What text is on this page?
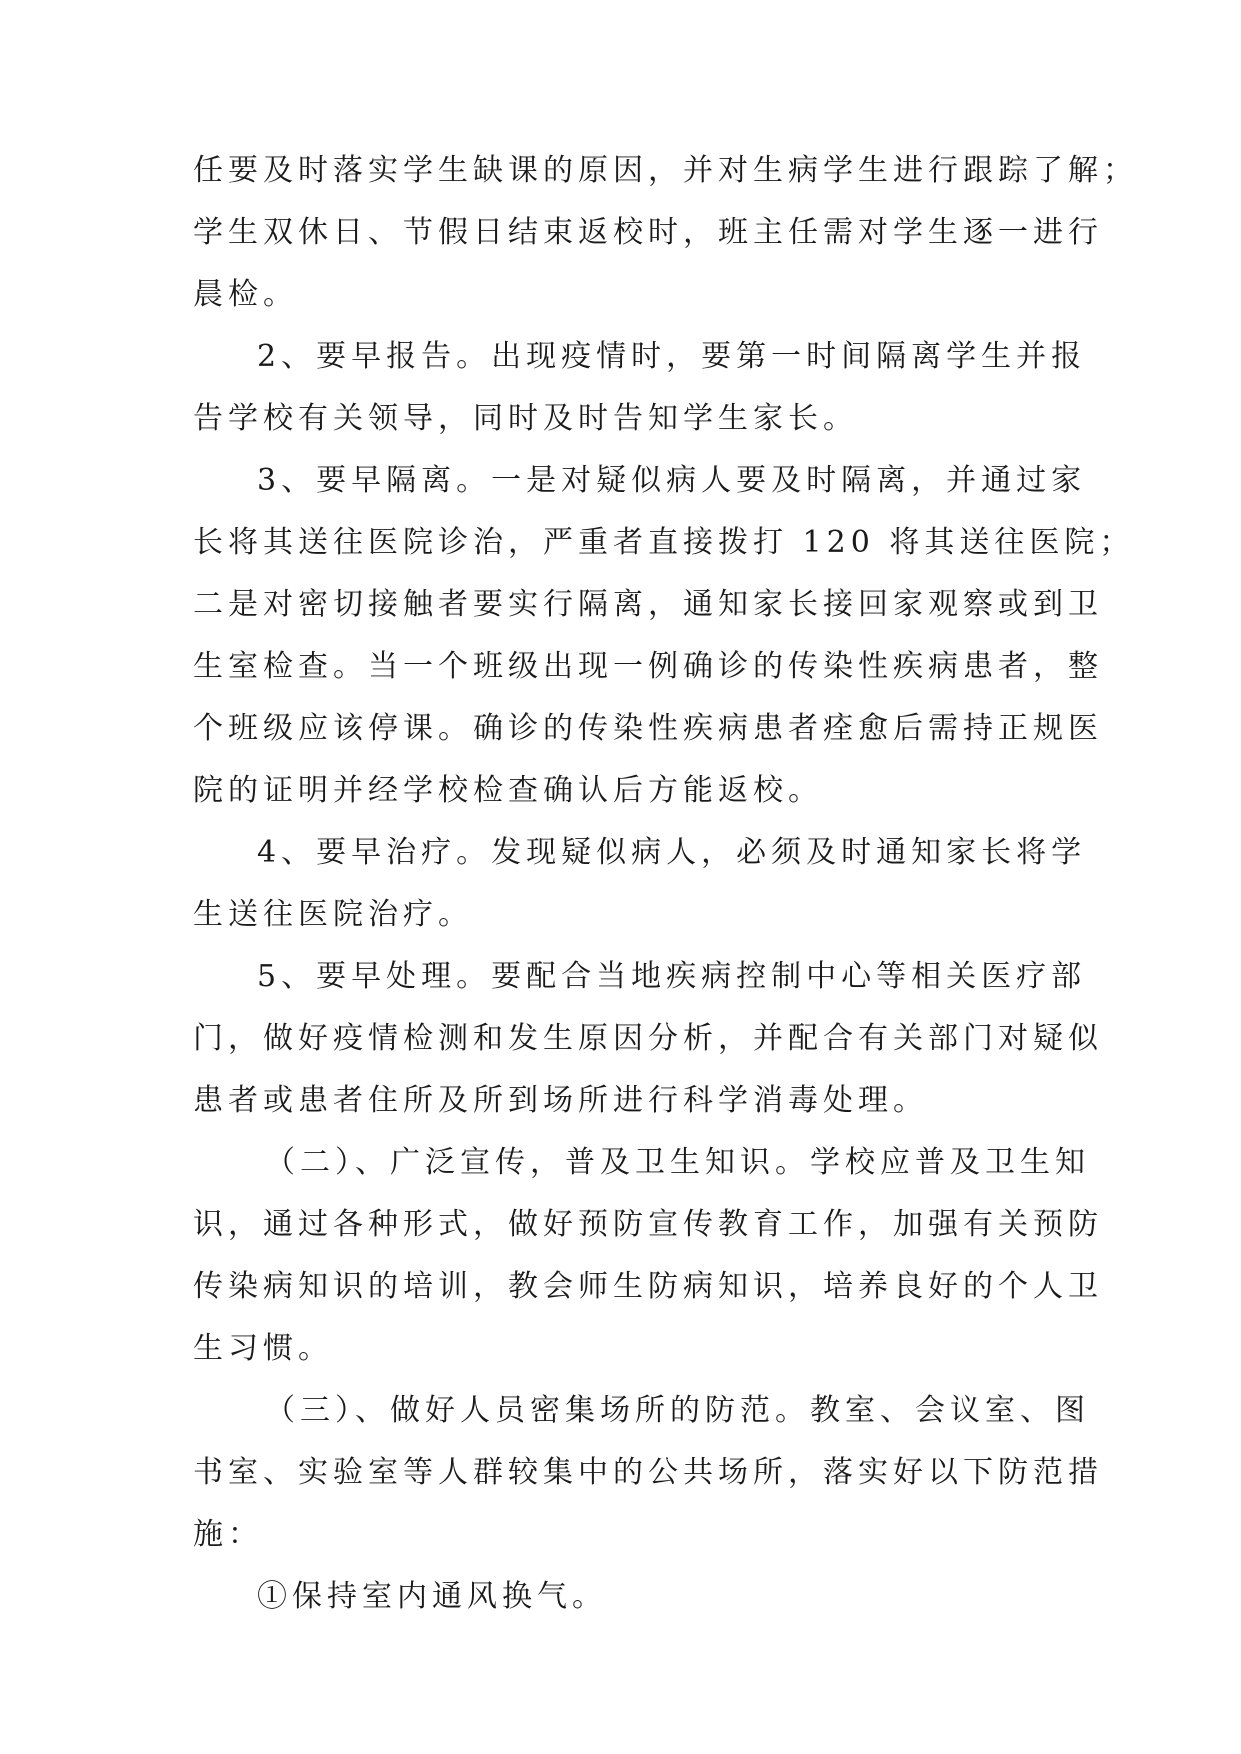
任要及时落实学生缺课的原因，并对生病学生进行跟踪了解；
学生双休日、节假日结束返校时，班主任需对学生逐一进行
晨检。
2、要早报告。出现疫情时，要第一时间隔离学生并报
告学校有关领导，同时及时告知学生家长。
3、要早隔离。一是对疑似病人要及时隔离，并通过家
长将其送往医院诊治，严重者直接拨打 120 将其送往医院；
二是对密切接触者要实行隔离，通知家长接回家观察或到卫
生室检查。当一个班级出现一例确诊的传染性疾病患者，整
个班级应该停课。确诊的传染性疾病患者痊愈后需持正规医
院的证明并经学校检查确认后方能返校。
4、要早治疗。发现疑似病人，必须及时通知家长将学
生送往医院治疗。
5、要早处理。要配合当地疾病控制中心等相关医疗部
门，做好疫情检测和发生原因分析，并配合有关部门对疑似
患者或患者住所及所到场所进行科学消毒处理。
（二）、广泛宣传，普及卫生知识。学校应普及卫生知
识，通过各种形式，做好预防宣传教育工作，加强有关预防
传染病知识的培训，教会师生防病知识，培养良好的个人卫
生习惯。
（三）、做好人员密集场所的防范。教室、会议室、图
书室、实验室等人群较集中的公共场所，落实好以下防范措
施：
①保持室内通风换气。
